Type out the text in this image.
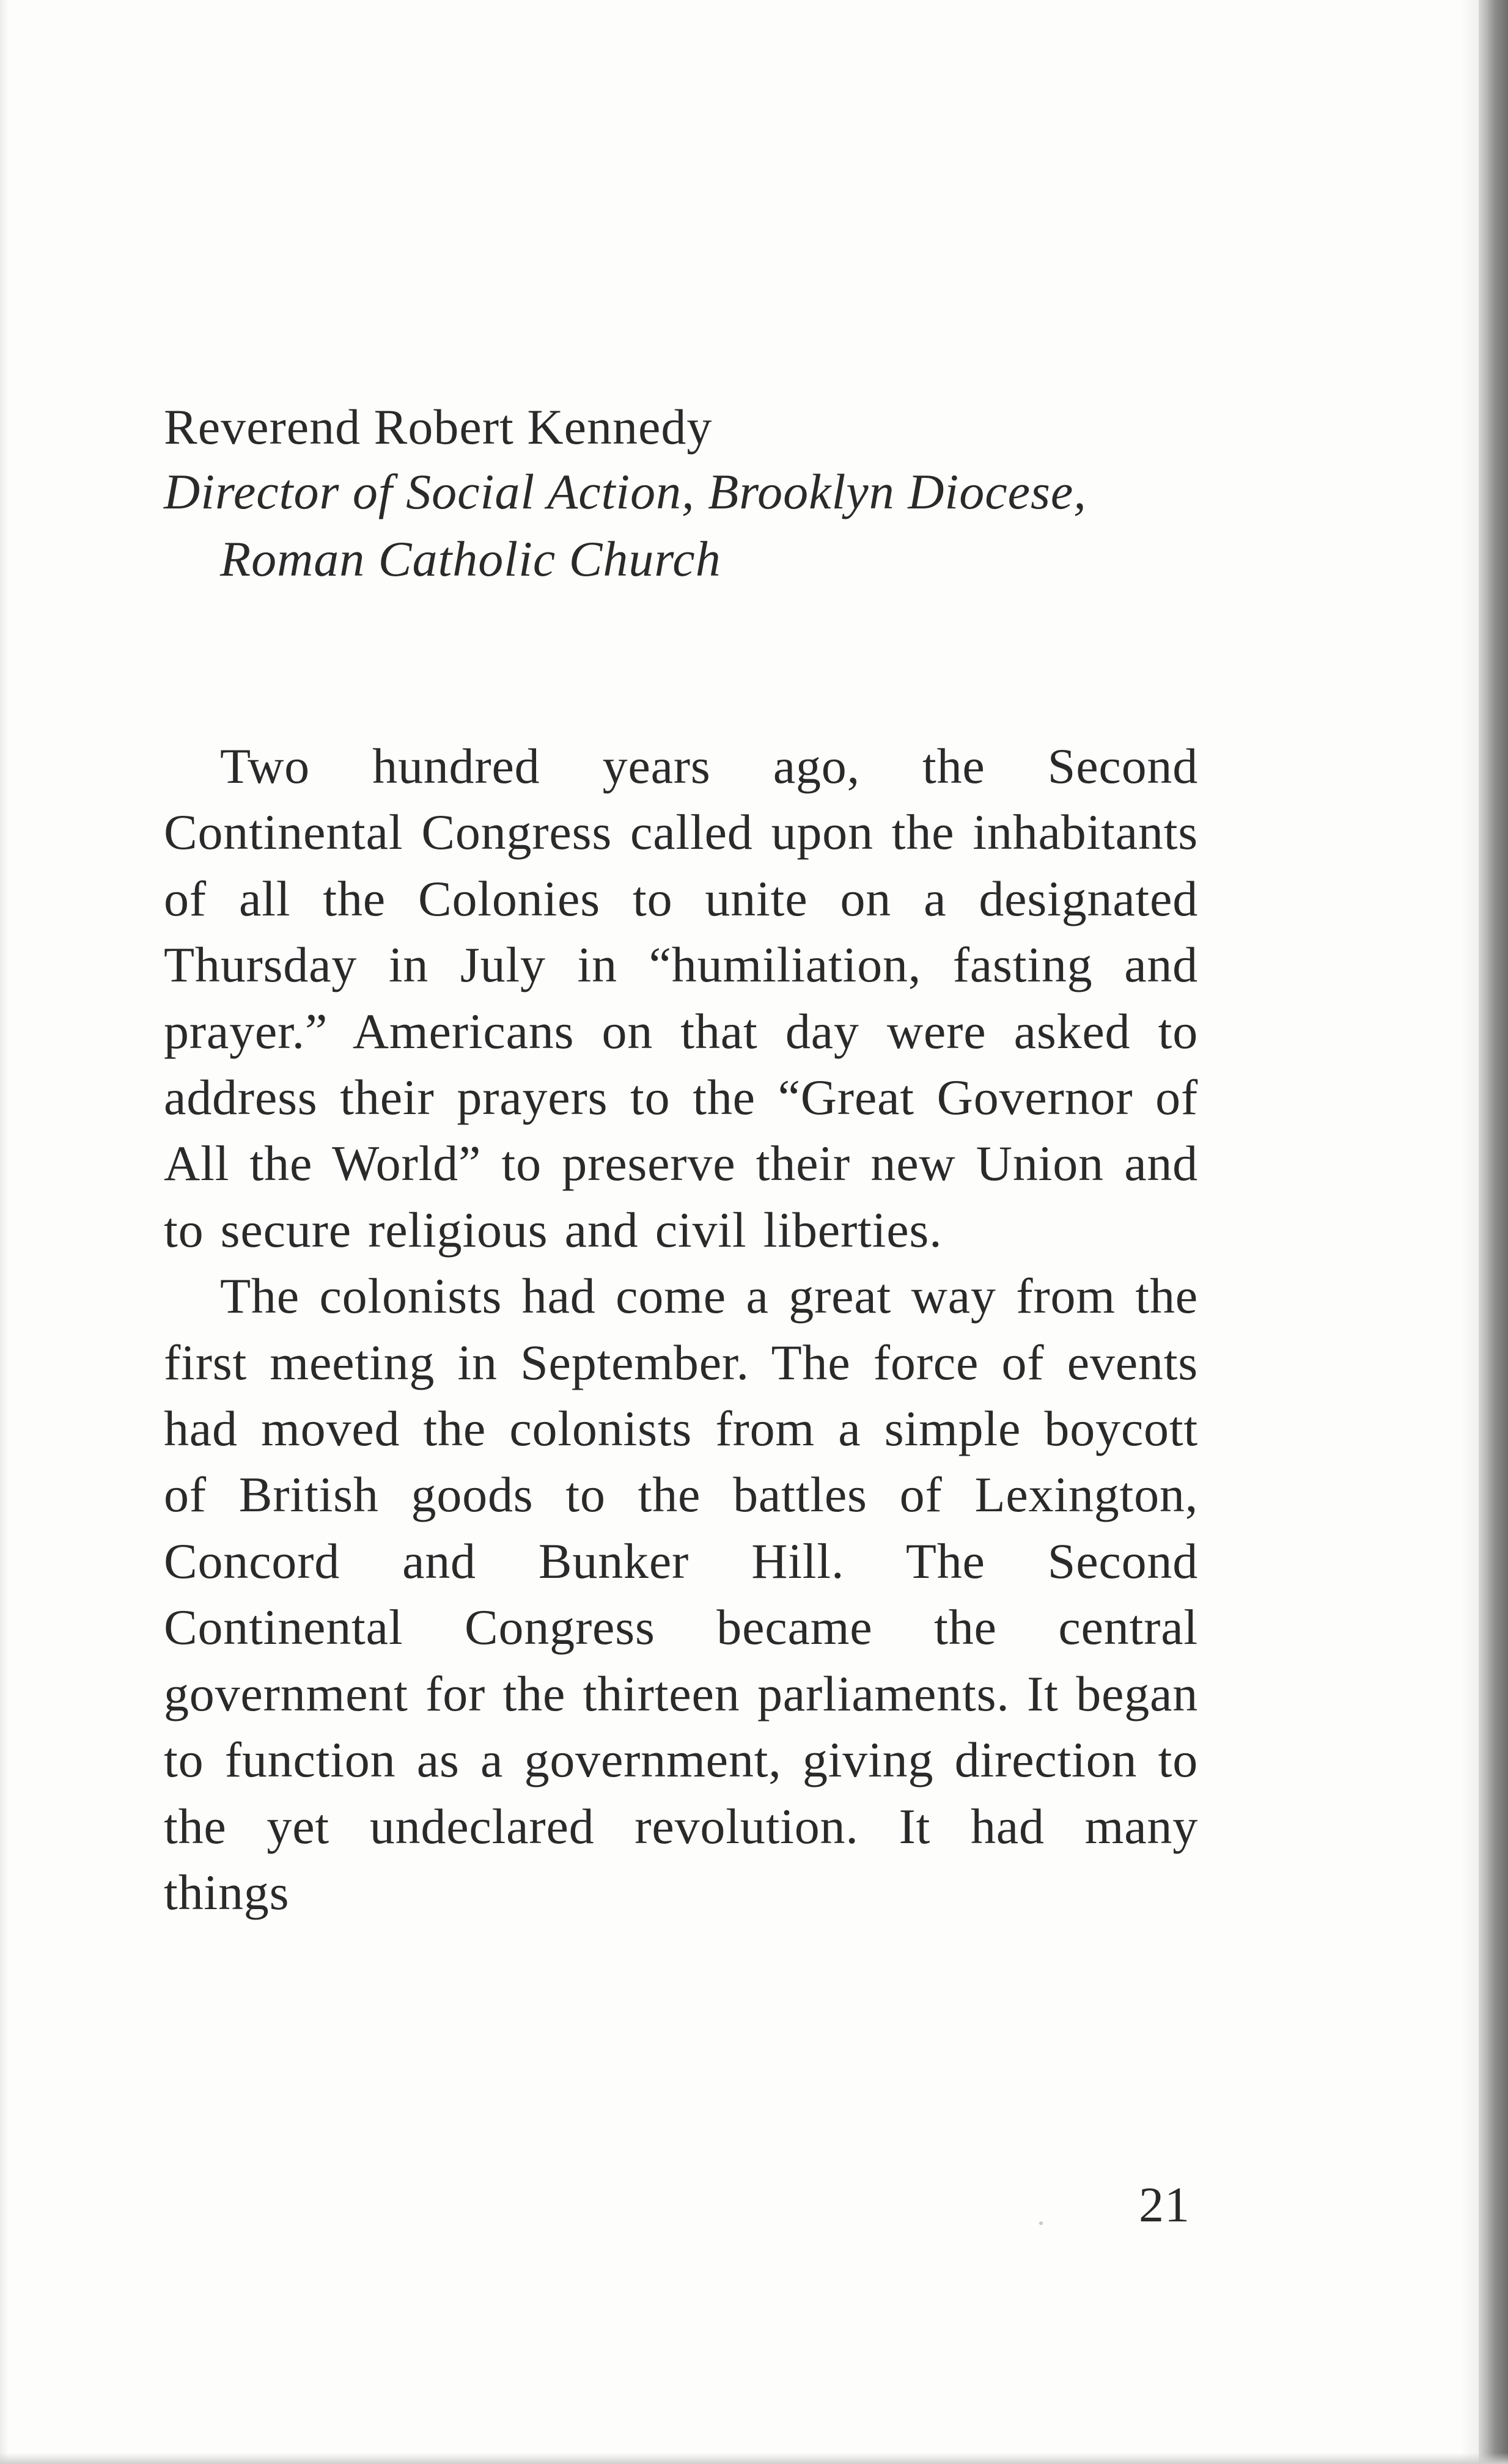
Reverend Robert Kennedy
Director of Social Action, Brooklyn Diocese,
Roman Catholic Church

Two hundred years ago, the Second Continental Congress called upon the inhabitants of all the Colonies to unite on a designated Thursday in July in “humiliation, fasting and prayer.” Americans on that day were asked to address their prayers to the “Great Governor of All the World” to preserve their new Union and to secure religious and civil liberties.

The colonists had come a great way from the first meeting in September. The force of events had moved the colonists from a simple boycott of British goods to the battles of Lexington, Concord and Bunker Hill. The Second Continental Congress became the central government for the thirteen parliaments. It began to function as a government, giving direction to the yet undeclared revolution. It had many things

21
